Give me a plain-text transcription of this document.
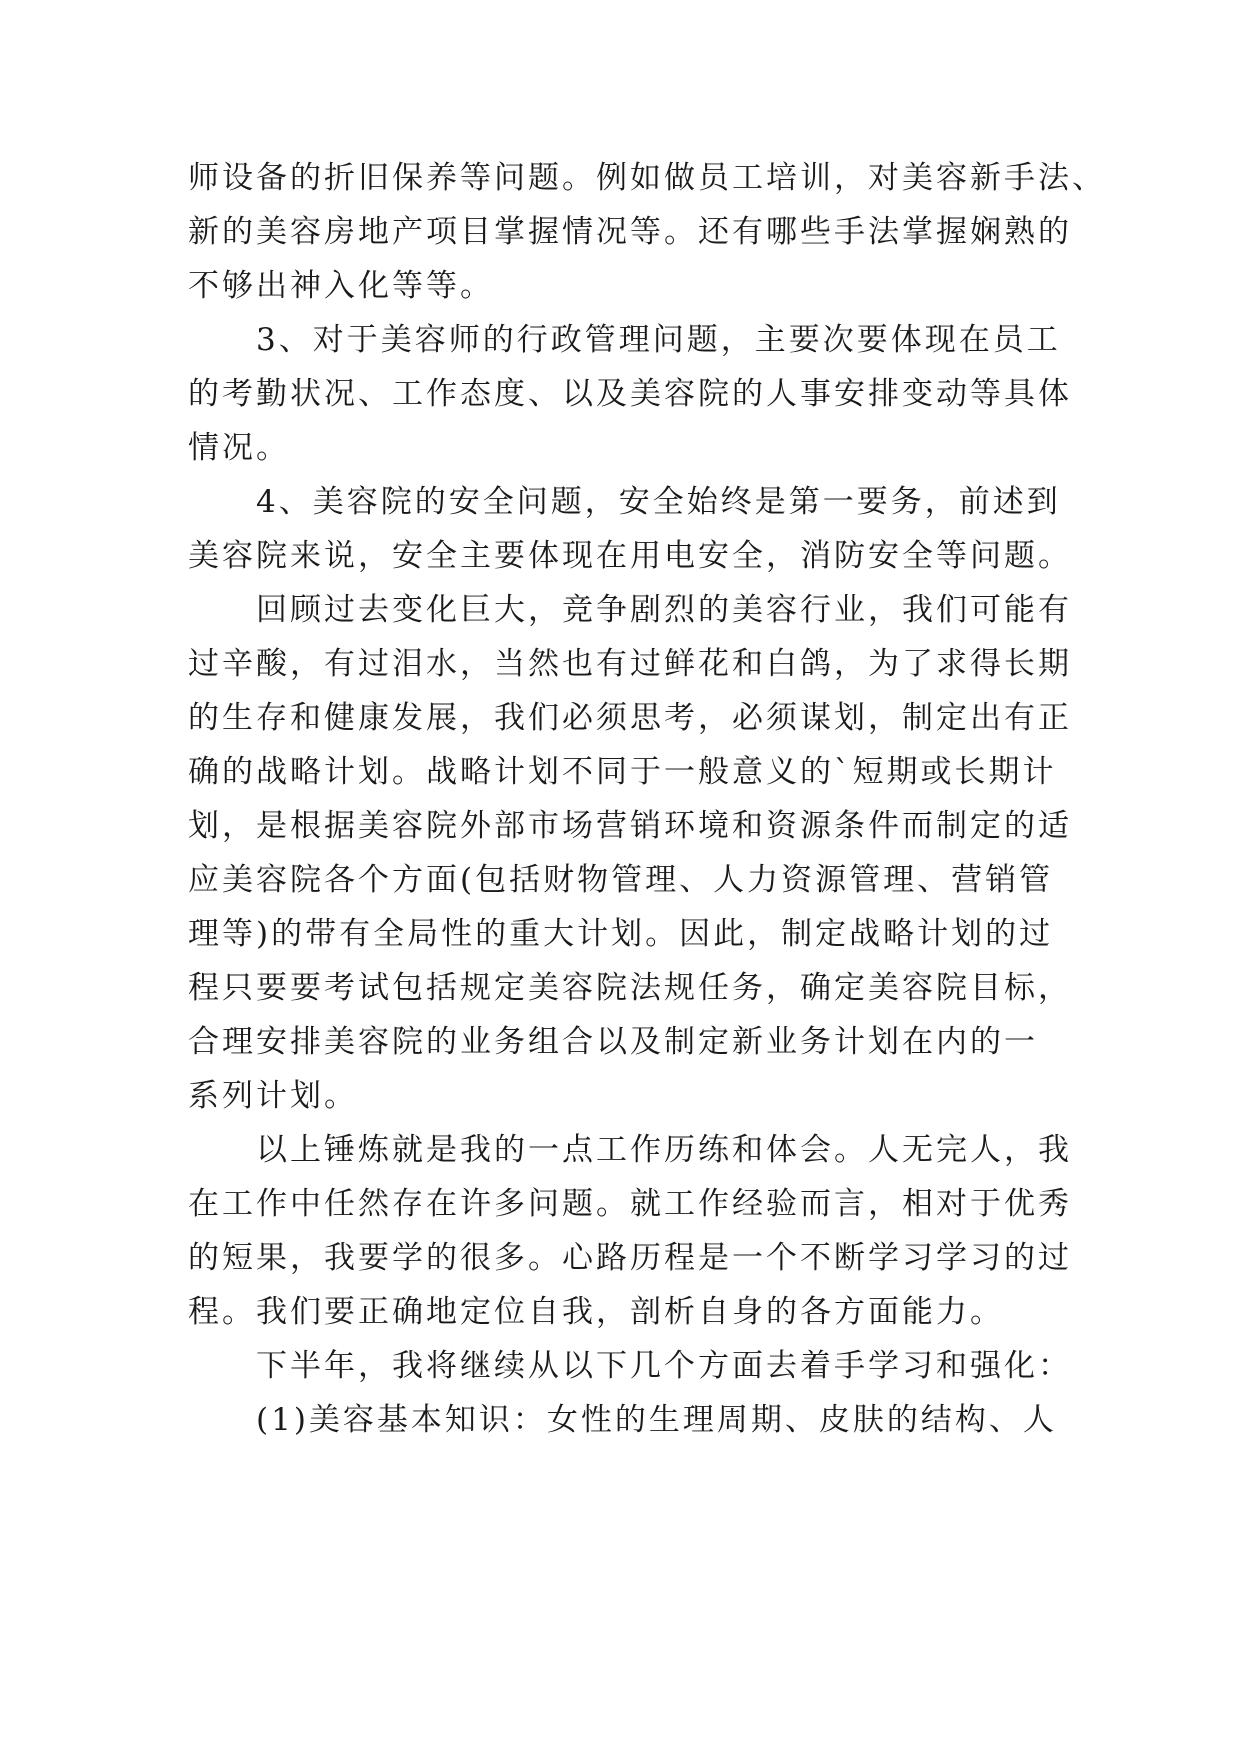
师设备的折旧保养等问题。例如做员工培训，对美容新手法、
新的美容房地产项目掌握情况等。还有哪些手法掌握娴熟的
不够出神入化等等。
3、对于美容师的行政管理问题，主要次要体现在员工
的考勤状况、工作态度、以及美容院的人事安排变动等具体
情况。
4、美容院的安全问题，安全始终是第一要务，前述到
美容院来说，安全主要体现在用电安全，消防安全等问题。
回顾过去变化巨大，竞争剧烈的美容行业，我们可能有
过辛酸，有过泪水，当然也有过鲜花和白鸽，为了求得长期
的生存和健康发展，我们必须思考，必须谋划，制定出有正
确的战略计划。战略计划不同于一般意义的`短期或长期计
划，是根据美容院外部市场营销环境和资源条件而制定的适
应美容院各个方面(包括财物管理、人力资源管理、营销管
理等)的带有全局性的重大计划。因此，制定战略计划的过
程只要要考试包括规定美容院法规任务，确定美容院目标，
合理安排美容院的业务组合以及制定新业务计划在内的一
系列计划。
以上锤炼就是我的一点工作历练和体会。人无完人，我
在工作中任然存在许多问题。就工作经验而言，相对于优秀
的短果，我要学的很多。心路历程是一个不断学习学习的过
程。我们要正确地定位自我，剖析自身的各方面能力。
下半年，我将继续从以下几个方面去着手学习和强化：
(1)美容基本知识：女性的生理周期、皮肤的结构、人
